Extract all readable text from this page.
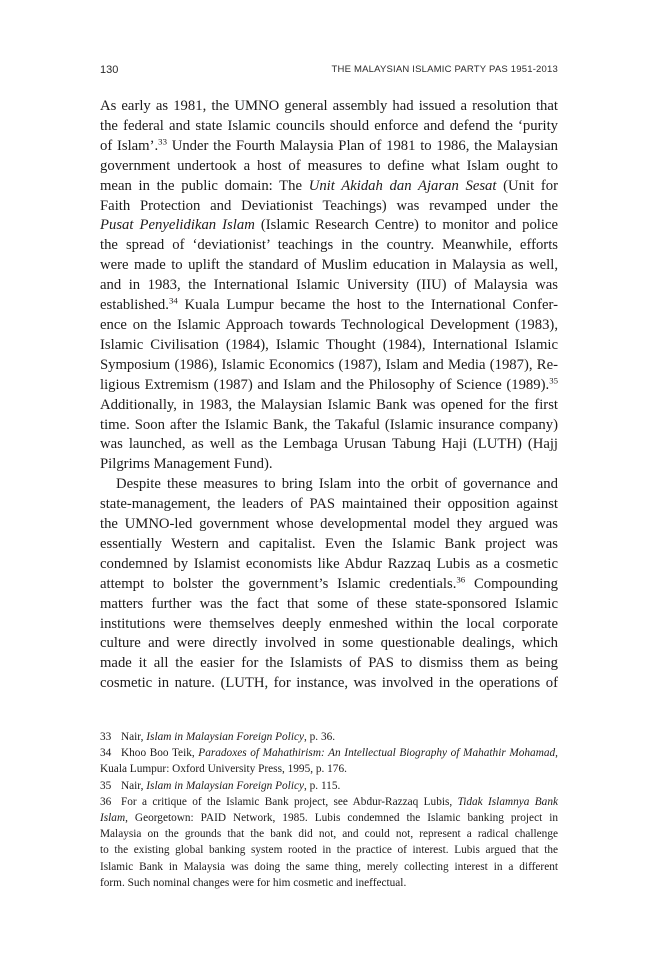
130	THE MALAYSIAN ISLAMIC PARTY PAS 1951-2013
As early as 1981, the UMNO general assembly had issued a resolution that
the federal and state Islamic councils should enforce and defend the ‘purity
of Islam’.$^{33}$ Under the Fourth Malaysia Plan of 1981 to 1986, the Malaysian
government undertook a host of measures to define what Islam ought to
mean in the public domain: The Unit Akidah dan Ajaran Sesat (Unit for
Faith Protection and Deviationist Teachings) was revamped under the
Pusat Penyelidikan Islam (Islamic Research Centre) to monitor and police
the spread of ‘deviationist’ teachings in the country. Meanwhile, efforts
were made to uplift the standard of Muslim education in Malaysia as well,
and in 1983, the International Islamic University (IIU) of Malaysia was
established.$^{34}$ Kuala Lumpur became the host to the International Confer-
ence on the Islamic Approach towards Technological Development (1983),
Islamic Civilisation (1984), Islamic Thought (1984), International Islamic
Symposium (1986), Islamic Economics (1987), Islam and Media (1987), Re-
ligious Extremism (1987) and Islam and the Philosophy of Science (1989).$^{35}$
Additionally, in 1983, the Malaysian Islamic Bank was opened for the first
time. Soon after the Islamic Bank, the Takaful (Islamic insurance company)
was launched, as well as the Lembaga Urusan Tabung Haji (LUTH) (Hajj
Pilgrims Management Fund).
Despite these measures to bring Islam into the orbit of governance and
state-management, the leaders of PAS maintained their opposition against
the UMNO-led government whose developmental model they argued was
essentially Western and capitalist. Even the Islamic Bank project was
condemned by Islamist economists like Abdur Razzaq Lubis as a cosmetic
attempt to bolster the government’s Islamic credentials.$^{36}$ Compounding
matters further was the fact that some of these state-sponsored Islamic
institutions were themselves deeply enmeshed within the local corporate
culture and were directly involved in some questionable dealings, which
made it all the easier for the Islamists of PAS to dismiss them as being
cosmetic in nature. (LUTH, for instance, was involved in the operations of
33 Nair, Islam in Malaysian Foreign Policy, p. 36.
34 Khoo Boo Teik, Paradoxes of Mahathirism: An Intellectual Biography of Mahathir Mohamad,
Kuala Lumpur: Oxford University Press, 1995, p. 176.
35 Nair, Islam in Malaysian Foreign Policy, p. 115.
36 For a critique of the Islamic Bank project, see Abdur-Razzaq Lubis, Tidak Islamnya Bank
Islam, Georgetown: PAID Network, 1985. Lubis condemned the Islamic banking project in
Malaysia on the grounds that the bank did not, and could not, represent a radical challenge
to the existing global banking system rooted in the practice of interest. Lubis argued that the
Islamic Bank in Malaysia was doing the same thing, merely collecting interest in a different
form. Such nominal changes were for him cosmetic and ineffectual.
